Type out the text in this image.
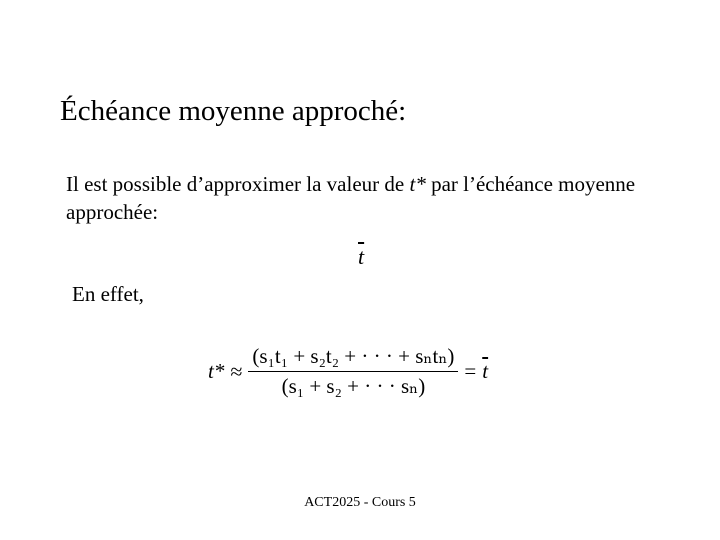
Échéance moyenne approché:
Il est possible d’approximer la valeur de t* par l’échéance moyenne approchée:
$\overline{t}$
En effet,
$t* \approx \frac{\text{(s₁t₁ + s₂t₂ + · · · + sₙtₙ)}}{\text{(s₁ + s₂ + · · · sₙ)}} = \overline{t}$
ACT2025 - Cours 5
